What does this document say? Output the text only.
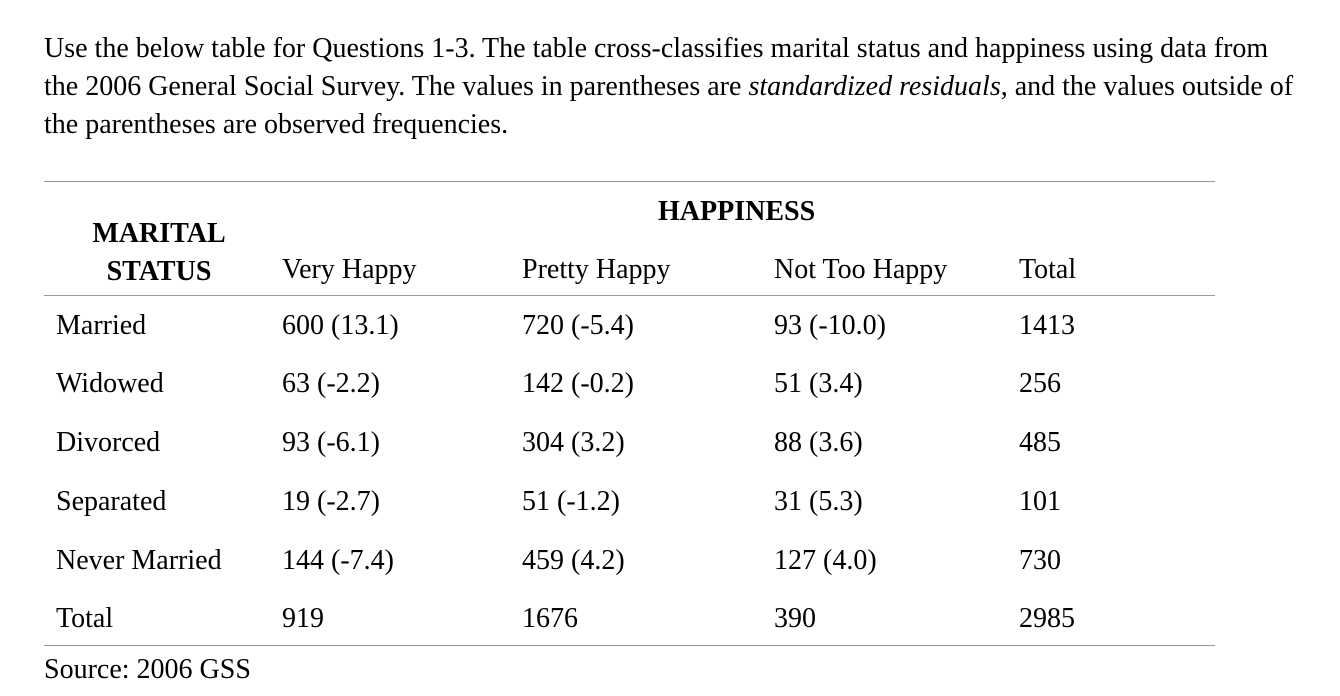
Use the below table for Questions 1-3. The table cross-classifies marital status and happiness using data from the 2006 General Social Survey. The values in parentheses are standardized residuals, and the values outside of the parentheses are observed frequencies.

HAPPINESS
MARITAL
STATUS	Very Happy	Pretty Happy	Not Too Happy	Total
Married	600 (13.1)	720 (-5.4)	93 (-10.0)	1413
Widowed	63 (-2.2)	142 (-0.2)	51 (3.4)	256
Divorced	93 (-6.1)	304 (3.2)	88 (3.6)	485
Separated	19 (-2.7)	51 (-1.2)	31 (5.3)	101
Never Married 144 (-7.4)	459 (4.2)	127 (4.0)	730
Total	919	1676	390	2985
Source: 2006 GSS
